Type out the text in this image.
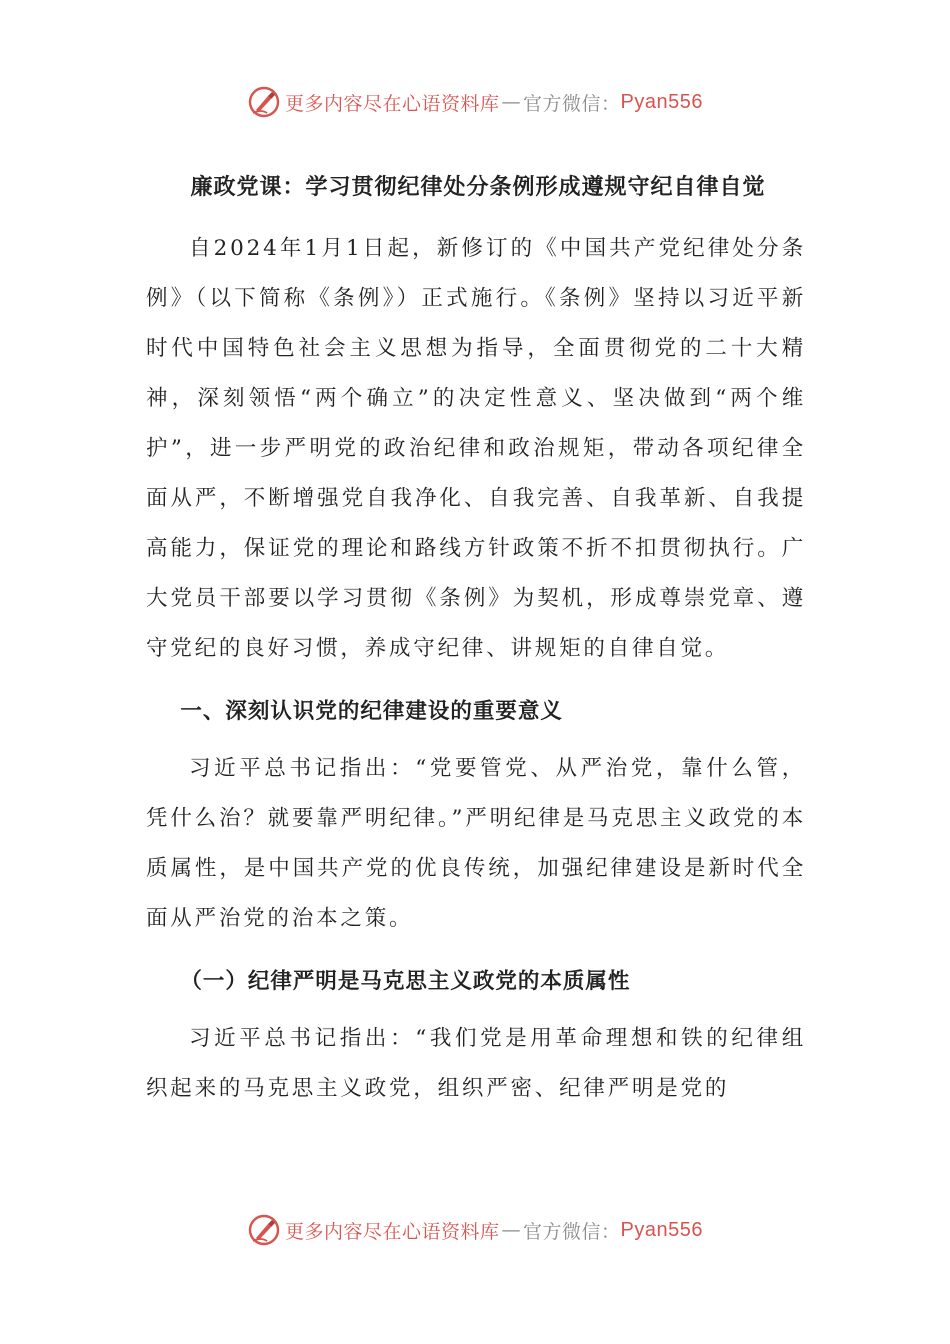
更多内容尽在心语资料库 — 官方微信： Pyan556
廉政党课：学习贯彻纪律处分条例形成遵规守纪自律自觉

自2024年1月1日起，新修订的《中国共产党纪律处分条例》（以下简称《条例》）正式施行。《条例》坚持以习近平新时代中国特色社会主义思想为指导，全面贯彻党的二十大精神，深刻领悟“两个确立”的决定性意义、坚决做到“两个维护”，进一步严明党的政治纪律和政治规矩，带动各项纪律全面从严，不断增强党自我净化、自我完善、自我革新、自我提高能力，保证党的理论和路线方针政策不折不扣贯彻执行。广大党员干部要以学习贯彻《条例》为契机，形成尊崇党章、遵守党纪的良好习惯，养成守纪律、讲规矩的自律自觉。

一、深刻认识党的纪律建设的重要意义

习近平总书记指出：“党要管党、从严治党，靠什么管，凭什么治？就要靠严明纪律。”严明纪律是马克思主义政党的本质属性，是中国共产党的优良传统，加强纪律建设是新时代全面从严治党的治本之策。

（一）纪律严明是马克思主义政党的本质属性

习近平总书记指出：“我们党是用革命理想和铁的纪律组织起来的马克思主义政党，组织严密、纪律严明是党的

更多内容尽在心语资料库 — 官方微信： Pyan556
